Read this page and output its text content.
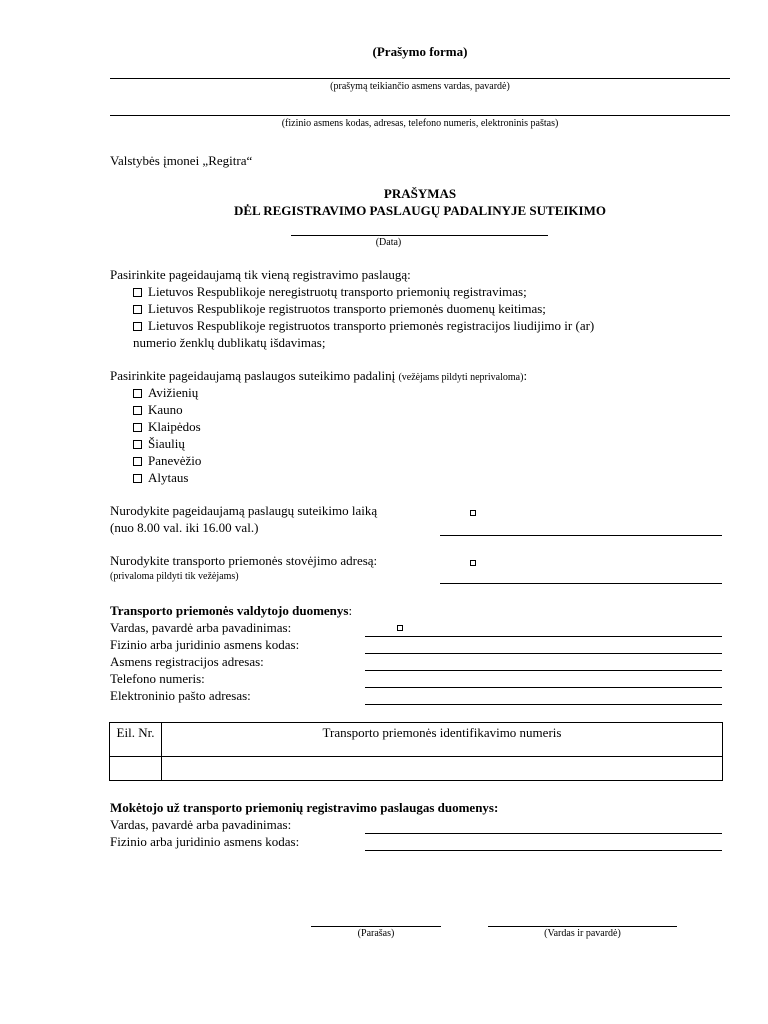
(Prašymo forma)
(prašymą teikiančio asmens vardas, pavardė)
(fizinio asmens kodas, adresas, telefono numeris, elektroninis paštas)
Valstybės įmonei „Regitra“
PRAŠYMAS
DĖL REGISTRAVIMO PASLAUGŲ PADALINYJE SUTEIKIMO
(Data)
Pasirinkite pageidaujamą tik vieną registravimo paslaugą:
Lietuvos Respublikoje neregistruotų transporto priemonių registravimas;
Lietuvos Respublikoje registruotos transporto priemonės duomenų keitimas;
Lietuvos Respublikoje registruotos transporto priemonės registracijos liudijimo ir (ar)
numerio ženklų dublikatų išdavimas;
Pasirinkite pageidaujamą paslaugos suteikimo padalinį (vežėjams pildyti neprivaloma):
Avižienių
Kauno
Klaipėdos
Šiaulių
Panevėžio
Alytaus
Nurodykite pageidaujamą paslaugų suteikimo laiką
(nuo 8.00 val. iki 16.00 val.)
Nurodykite transporto priemonės stovėjimo adresą:
(privaloma pildyti tik vežėjams)
Transporto priemonės valdytojo duomenys:
Vardas, pavardė arba pavadinimas:
Fizinio arba juridinio asmens kodas:
Asmens registracijos adresas:
Telefono numeris:
Elektroninio pašto adresas:
Eil. Nr.	Transporto priemonės identifikavimo numeris

Mokėtojo už transporto priemonių registravimo paslaugas duomenys:
Vardas, pavardė arba pavadinimas:
Fizinio arba juridinio asmens kodas:
(Parašas)	(Vardas ir pavardė)
